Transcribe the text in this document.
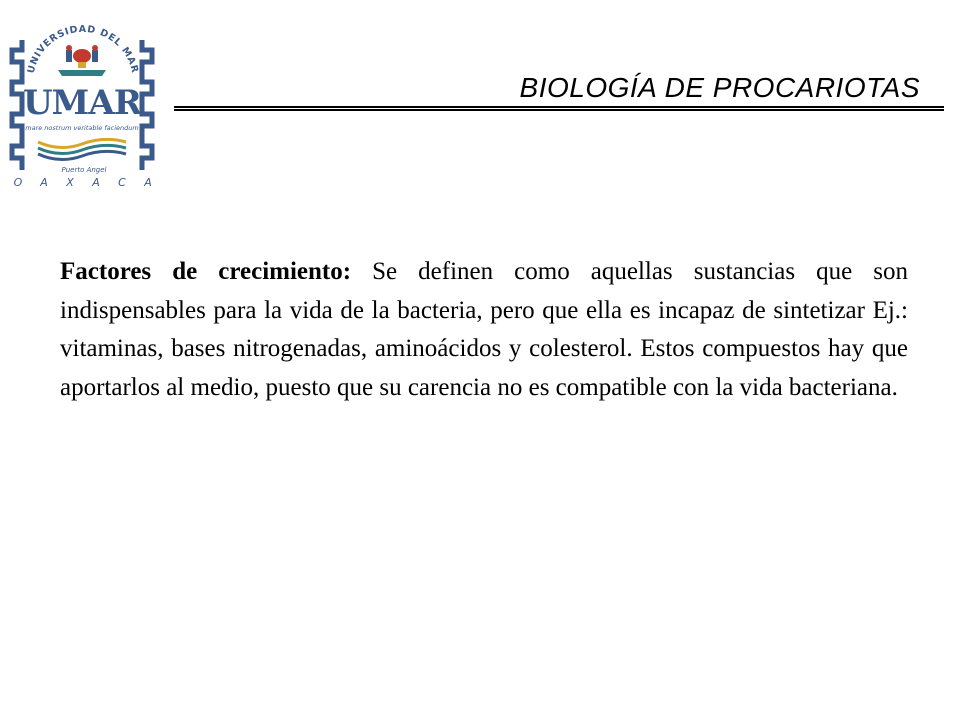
UNIVERSIDAD DEL MAR
UMAR
mare nostrum veritable faciendum
Puerto Angel
O A X A C A
BIOLOGÍA DE PROCARIOTAS

Factores de crecimiento: Se definen como aquellas sustancias que son indispensables para la vida de la bacteria, pero que ella es incapaz de sintetizar Ej.: vitaminas, bases nitrogenadas, aminoácidos y colesterol. Estos compuestos hay que aportarlos al medio, puesto que su carencia no es compatible con la vida bacteriana.
